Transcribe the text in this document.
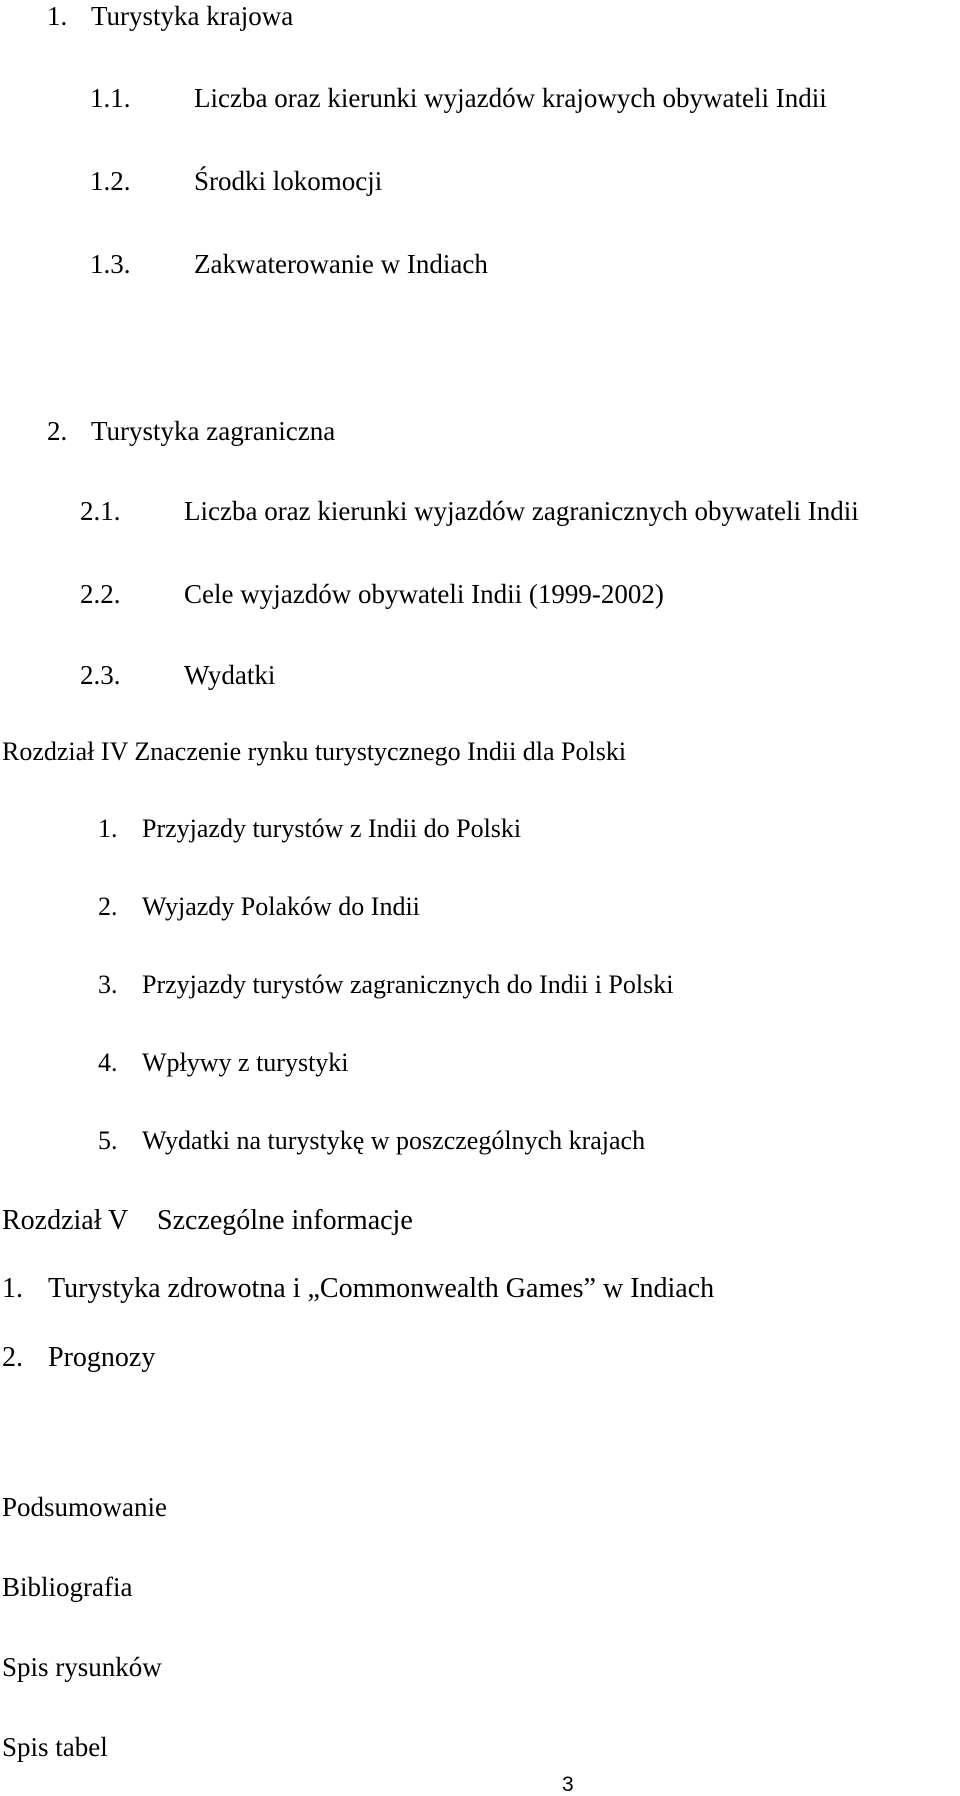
1. Turystyka krajowa
1.1. Liczba oraz kierunki wyjazdów krajowych obywateli Indii
1.2. Środki lokomocji
1.3. Zakwaterowanie w Indiach
2. Turystyka zagraniczna
2.1. Liczba oraz kierunki wyjazdów zagranicznych obywateli Indii
2.2. Cele wyjazdów obywateli Indii (1999-2002)
2.3. Wydatki
Rozdział IV Znaczenie rynku turystycznego Indii dla Polski
1. Przyjazdy turystów z Indii do Polski
2. Wyjazdy Polaków do Indii
3. Przyjazdy turystów zagranicznych do Indii i Polski
4. Wpływy z turystyki
5. Wydatki na turystykę w poszczególnych krajach
Rozdział V Szczególne informacje
1. Turystyka zdrowotna i „Commonwealth Games” w Indiach
2. Prognozy
Podsumowanie
Bibliografia
Spis rysunków
Spis tabel
3
